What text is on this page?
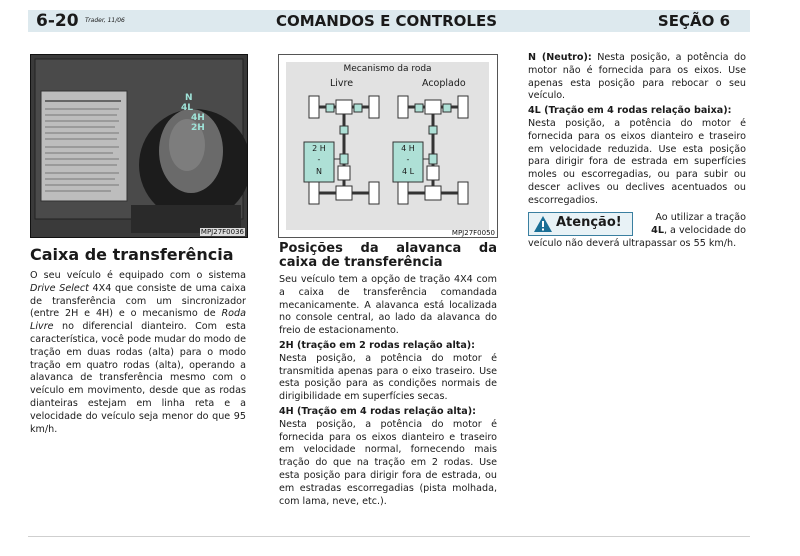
6-20 Trader, 11/06	COMANDOS E CONTROLES	SEÇÃO 6
N
4L
4H
2H
MPJ27F0036
Mecanismo da roda
Livre	Acoplado
2 H
-
N
4 H
-
4 L
MPJ27F0050
Caixa de transferência

O seu veículo é equipado com o sistema Drive Select 4X4 que consiste de uma caixa de transferência com um sincronizador (entre 2H e 4H) e o mecanismo de Roda Livre no diferencial dianteiro. Com esta característica, você pode mudar do modo de tração em duas rodas (alta) para o modo tração em quatro rodas (alta), operando a alavanca de transferência mesmo com o veículo em movimento, desde que as rodas dianteiras estejam em linha reta e a velocidade do veículo seja menor do que 95 km/h.

Posições da alavanca da caixa de transferência

Seu veículo tem a opção de tração 4X4 com a caixa de transferência comandada mecanicamente. A alavanca está localizada no console central, ao lado da alavanca do freio de estacionamento.

2H (tração em 2 rodas relação alta):
Nesta posição, a potência do motor é transmitida apenas para o eixo traseiro. Use esta posição para as condições normais de dirigibilidade em superfícies secas.

4H (Tração em 4 rodas relação alta):
Nesta posição, a potência do motor é fornecida para os eixos dianteiro e traseiro em velocidade normal, fornecendo mais tração do que na tração em 2 rodas. Use esta posição para dirigir fora de estrada, ou em estradas escorregadias (pista molhada, com lama, neve, etc.).

N (Neutro): Nesta posição, a potência do motor não é fornecida para os eixos. Use apenas esta posição para rebocar o seu veículo.

4L (Tração em 4 rodas relação baixa):
Nesta posição, a potência do motor é fornecida para os eixos dianteiro e traseiro em velocidade reduzida. Use esta posição para dirigir fora de estrada em superfícies moles ou escorregadias, ou para subir ou descer aclives ou declives acentuados ou escorregadios.

Atenção!	Ao utilizar a tração
4L, a velocidade do
veículo não deverá ultrapassar os 55 km/h.
